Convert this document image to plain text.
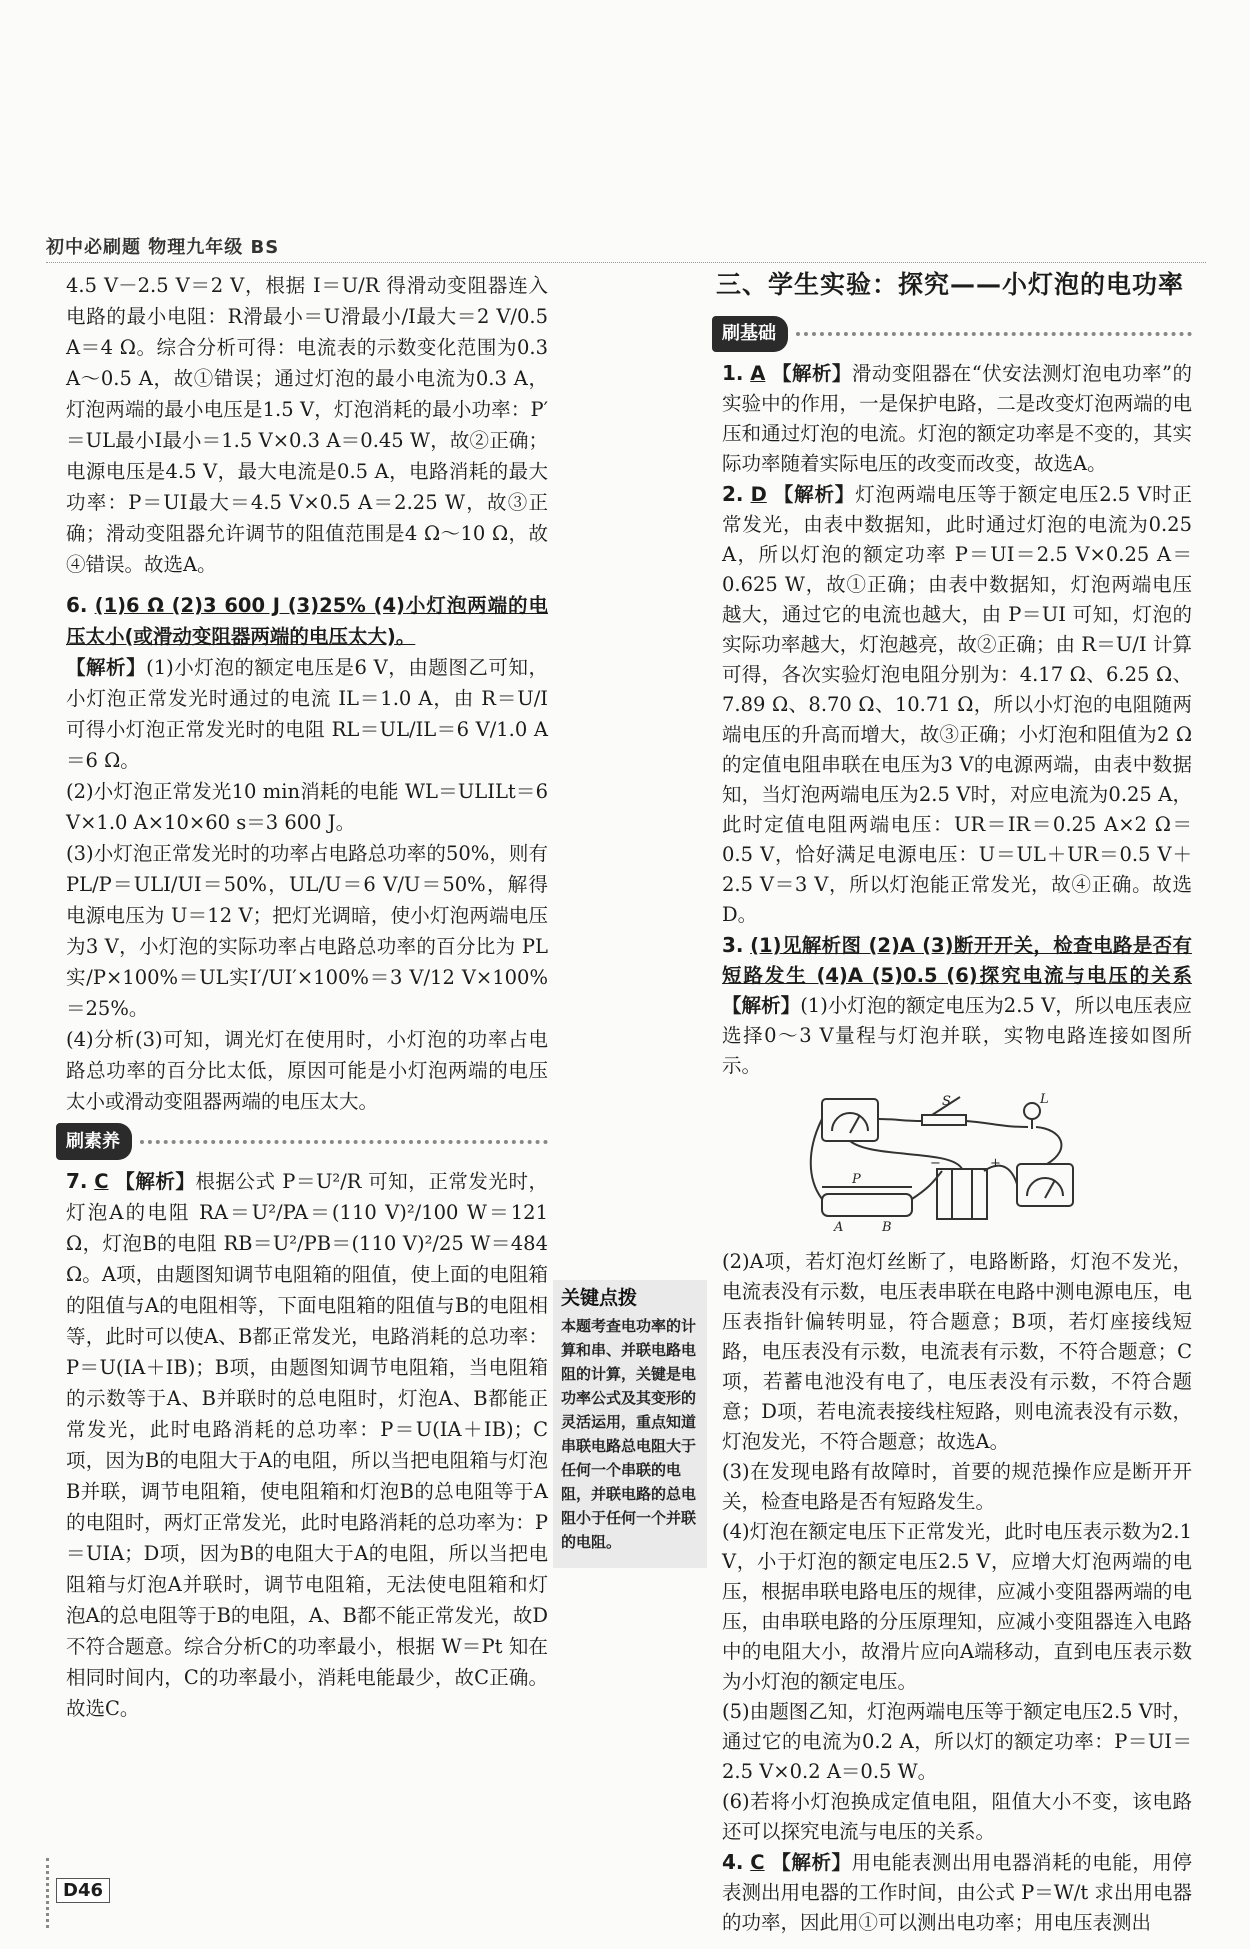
初中必刷题 物理九年级 BS

4.5 V－2.5 V＝2 V，根据 I＝U/R 得滑动变阻器连入电路的最小电阻：R滑最小＝U滑最小/I最大＝2 V/0.5 A＝4 Ω。综合分析可得：电流表的示数变化范围为0.3 A～0.5 A，故①错误；通过灯泡的最小电流为0.3 A，灯泡两端的最小电压是1.5 V，灯泡消耗的最小功率：P′＝UL最小I最小＝1.5 V×0.3 A＝0.45 W，故②正确；电源电压是4.5 V，最大电流是0.5 A，电路消耗的最大功率：P＝UI最大＝4.5 V×0.5 A＝2.25 W，故③正确；滑动变阻器允许调节的阻值范围是4 Ω～10 Ω，故④错误。故选A。

6. (1)6 Ω (2)3 600 J (3)25% (4)小灯泡两端的电压太小(或滑动变阻器两端的电压太大)。

【解析】(1)小灯泡的额定电压是6 V，由题图乙可知，小灯泡正常发光时通过的电流 IL＝1.0 A，由 R＝U/I 可得小灯泡正常发光时的电阻 RL＝UL/IL＝6 V/1.0 A＝6 Ω。

(2)小灯泡正常发光10 min消耗的电能 WL＝ULILt＝6 V×1.0 A×10×60 s＝3 600 J。

(3)小灯泡正常发光时的功率占电路总功率的50%，则有 PL/P＝ULI/UI＝50%，UL/U＝6 V/U＝50%，解得电源电压为 U＝12 V；把灯光调暗，使小灯泡两端电压为3 V，小灯泡的实际功率占电路总功率的百分比为 PL实/P×100%＝UL实I′/UI′×100%＝3 V/12 V×100%＝25%。

(4)分析(3)可知，调光灯在使用时，小灯泡的功率占电路总功率的百分比太低，原因可能是小灯泡两端的电压太小或滑动变阻器两端的电压太大。

刷素养

7. C 【解析】根据公式 P＝U²/R 可知，正常发光时，灯泡A的电阻 RA＝U²/PA＝(110 V)²/100 W＝121 Ω，灯泡B的电阻 RB＝U²/PB＝(110 V)²/25 W＝484 Ω。A项，由题图知调节电阻箱的阻值，使上面的电阻箱的阻值与A的电阻相等，下面电阻箱的阻值与B的电阻相等，此时可以使A、B都正常发光，电路消耗的总功率：P＝U(IA＋IB)；B项，由题图知调节电阻箱，当电阻箱的示数等于A、B并联时的总电阻时，灯泡A、B都能正常发光，此时电路消耗的总功率：P＝U(IA＋IB)；C项，因为B的电阻大于A的电阻，所以当把电阻箱与灯泡B并联，调节电阻箱，使电阻箱和灯泡B的总电阻等于A的电阻时，两灯正常发光，此时电路消耗的总功率为：P＝UIA；D项，因为B的电阻大于A的电阻，所以当把电阻箱与灯泡A并联时，调节电阻箱，无法使电阻箱和灯泡A的总电阻等于B的电阻，A、B都不能正常发光，故D不符合题意。综合分析C的功率最小，根据 W＝Pt 知在相同时间内，C的功率最小，消耗电能最少，故C正确。故选C。

关键点拨
本题考查电功率的计算和串、并联电路电阻的计算，关键是电功率公式及其变形的灵活运用，重点知道串联电路总电阻大于任何一个串联的电阻，并联电路的总电阻小于任何一个并联的电阻。
三、学生实验：探究——小灯泡的电功率
刷基础

1. A 【解析】滑动变阻器在“伏安法测灯泡电功率”的实验中的作用，一是保护电路，二是改变灯泡两端的电压和通过灯泡的电流。灯泡的额定功率是不变的，其实际功率随着实际电压的改变而改变，故选A。

2. D 【解析】灯泡两端电压等于额定电压2.5 V时正常发光，由表中数据知，此时通过灯泡的电流为0.25 A，所以灯泡的额定功率 P＝UI＝2.5 V×0.25 A＝0.625 W，故①正确；由表中数据知，灯泡两端电压越大，通过它的电流也越大，由 P＝UI 可知，灯泡的实际功率越大，灯泡越亮，故②正确；由 R＝U/I 计算可得，各次实验灯泡电阻分别为：4.17 Ω、6.25 Ω、7.89 Ω、8.70 Ω、10.71 Ω，所以小灯泡的电阻随两端电压的升高而增大，故③正确；小灯泡和阻值为2 Ω的定值电阻串联在电压为3 V的电源两端，由表中数据知，当灯泡两端电压为2.5 V时，对应电流为0.25 A，此时定值电阻两端电压：UR＝IR＝0.25 A×2 Ω＝0.5 V，恰好满足电源电压：U＝UL＋UR＝0.5 V＋2.5 V＝3 V，所以灯泡能正常发光，故④正确。故选D。

3. (1)见解析图 (2)A (3)断开开关，检查电路是否有短路发生 (4)A (5)0.5 (6)探究电流与电压的关系 【解析】(1)小灯泡的额定电压为2.5 V，所以电压表应选择0～3 V量程与灯泡并联，实物电路连接如图所示。

S	L
P
A	B
−	+

(2)A项，若灯泡灯丝断了，电路断路，灯泡不发光，电流表没有示数，电压表串联在电路中测电源电压，电压表指针偏转明显，符合题意；B项，若灯座接线短路，电压表没有示数，电流表有示数，不符合题意；C项，若蓄电池没有电了，电压表没有示数，不符合题意；D项，若电流表接线柱短路，则电流表没有示数，灯泡发光，不符合题意；故选A。

(3)在发现电路有故障时，首要的规范操作应是断开开关，检查电路是否有短路发生。

(4)灯泡在额定电压下正常发光，此时电压表示数为2.1 V，小于灯泡的额定电压2.5 V，应增大灯泡两端的电压，根据串联电路电压的规律，应减小变阻器两端的电压，由串联电路的分压原理知，应减小变阻器连入电路中的电阻大小，故滑片应向A端移动，直到电压表示数为小灯泡的额定电压。

(5)由题图乙知，灯泡两端电压等于额定电压2.5 V时，通过它的电流为0.2 A，所以灯的额定功率：P＝UI＝2.5 V×0.2 A＝0.5 W。

(6)若将小灯泡换成定值电阻，阻值大小不变，该电路还可以探究电流与电压的关系。

4. C 【解析】用电能表测出用电器消耗的电能，用停表测出用电器的工作时间，由公式 P＝W/t 求出用电器的功率，因此用①可以测出电功率；用电压表测出

D46
